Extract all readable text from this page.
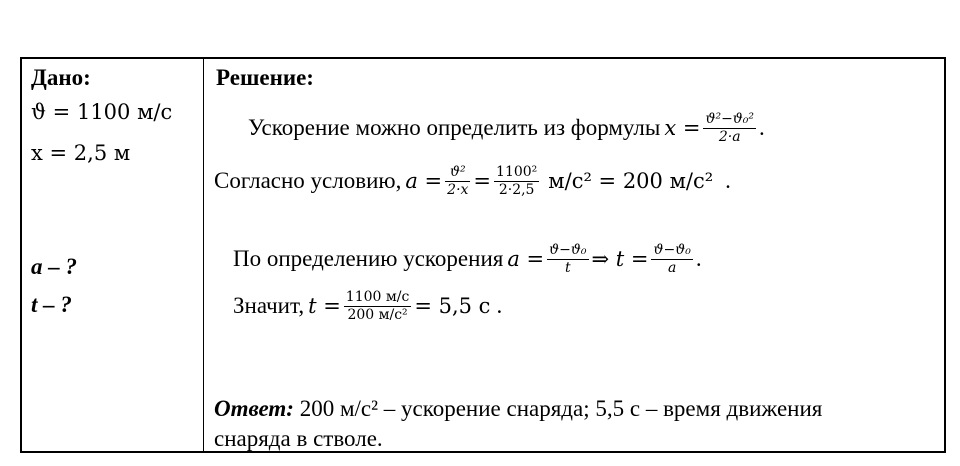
Дано:
ϑ = 1100 м/с
x = 2,5 м
a – ?
t – ?
Решение:
Ускорение можно определить из формулы
$x = \frac{\text{ϑ²−ϑ₀²}}{2\cdot a}$ .
Согласно условию,
$a = \frac{\text{ϑ²}}{2\cdot x} = \frac{\text{1100²}}{2\cdot 2,5} м/с^2 = 200$ м/с² .
По определению ускорения
$a = \frac{\text{ϑ−ϑ₀}}{t}$ ⇒ $t = \frac{\text{ϑ−ϑ₀}}{a}$ .
Значит,
$t = \frac{1100 м/с}{\text{200 м/с²}} = 5,5$ с .
Ответ: 200 м/с² – ускорение снаряда; 5,5 с – время движения
снаряда в стволе.
